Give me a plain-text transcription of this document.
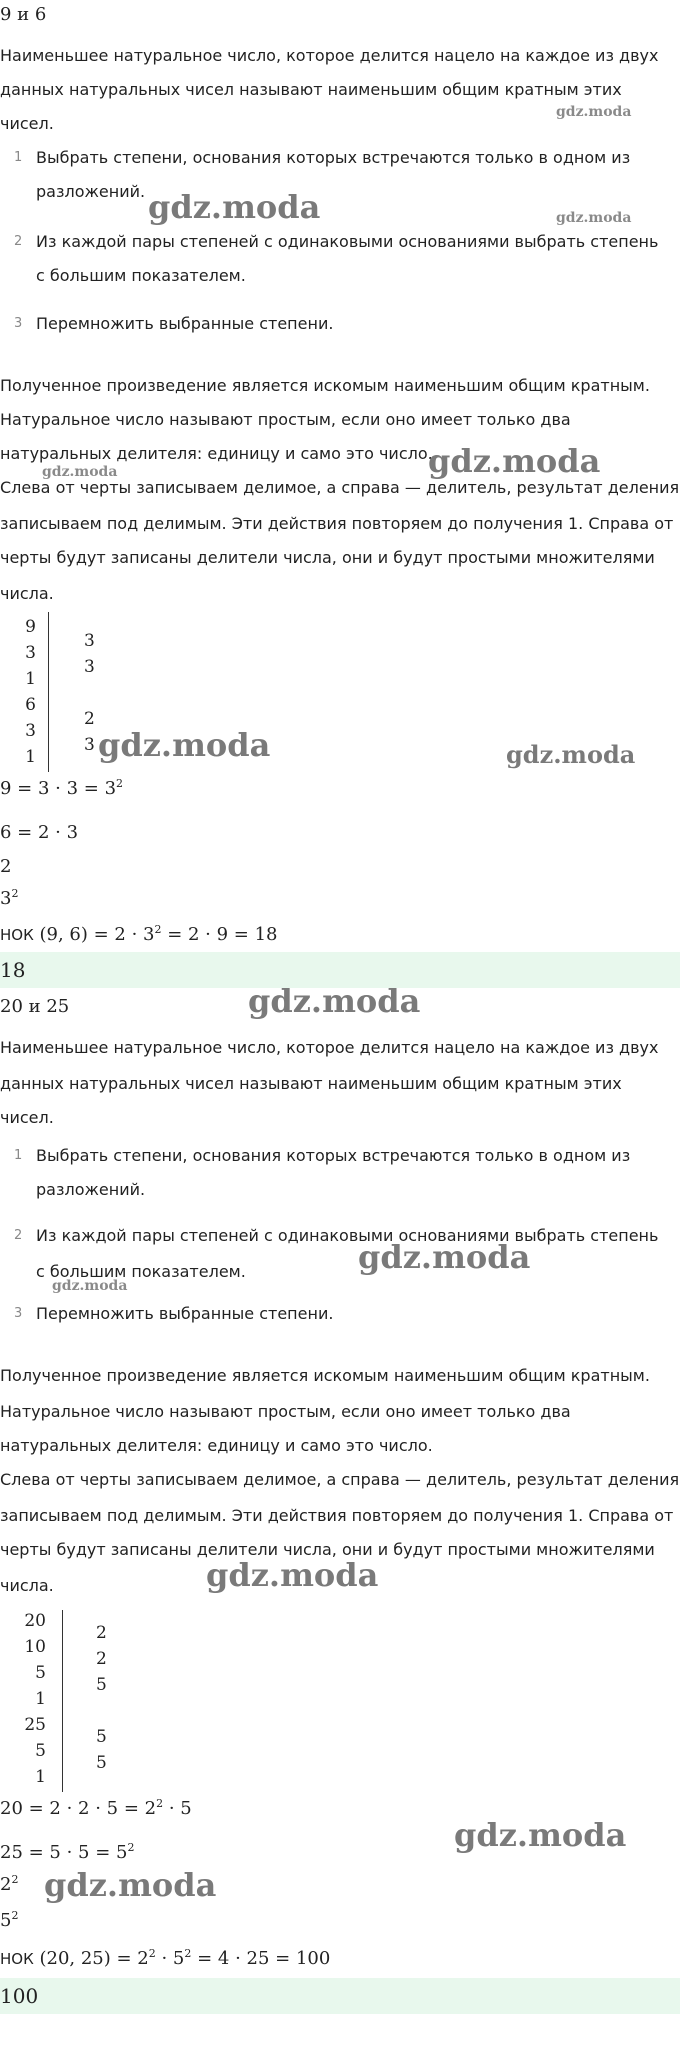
9 и 6
Наименьшее натуральное число, которое делится нацело на каждое из двух
данных натуральных чисел называют наименьшим общим кратным этих
чисел.
1 Выбрать степени, основания которых встречаются только в одном из
разложений.
2 Из каждой пары степеней с одинаковыми основаниями выбрать степень
с большим показателем.
3 Перемножить выбранные степени.
Полученное произведение является искомым наименьшим общим кратным.
Натуральное число называют простым, если оно имеет только два
натуральных делителя: единицу и само это число.
Слева от черты записываем делимое, а справа — делитель, результат деления
записываем под делимым. Эти действия повторяем до получения 1. Справа от
черты будут записаны делители числа, они и будут простыми множителями
числа.
9
3
1
6
3
1
3
3
2
3
$9 = 3 \cdot 3 = 3^2$
6 = 2 · 3
2
$3^2$
НОК (9, $6) = 2 \cdot 3^2 = 2 \cdot 9 = 18$
18
20 и 25
Наименьшее натуральное число, которое делится нацело на каждое из двух
данных натуральных чисел называют наименьшим общим кратным этих
чисел.
1 Выбрать степени, основания которых встречаются только в одном из
разложений.
2 Из каждой пары степеней с одинаковыми основаниями выбрать степень
с большим показателем.
3 Перемножить выбранные степени.
Полученное произведение является искомым наименьшим общим кратным.
Натуральное число называют простым, если оно имеет только два
натуральных делителя: единицу и само это число.
Слева от черты записываем делимое, а справа — делитель, результат деления
записываем под делимым. Эти действия повторяем до получения 1. Справа от
черты будут записаны делители числа, они и будут простыми множителями
числа.
20
10
5
1
25
5
1
2
2
5
5
5
$20 = 2 \cdot 2 \cdot 5 = 2^2 \cdot 5$
$25 = 5 \cdot 5 = 5^2$
$2^2$
$5^2$
НОК (20, $25) = 2^2 \cdot 5^2 = 4 \cdot 25 = 100$
100
gdz.moda
gdz.moda	gdz.moda
gdz.moda
gdz.moda
gdz.moda	gdz.moda
gdz.moda
gdz.moda
gdz.moda
gdz.moda
gdz.moda
gdz.moda
